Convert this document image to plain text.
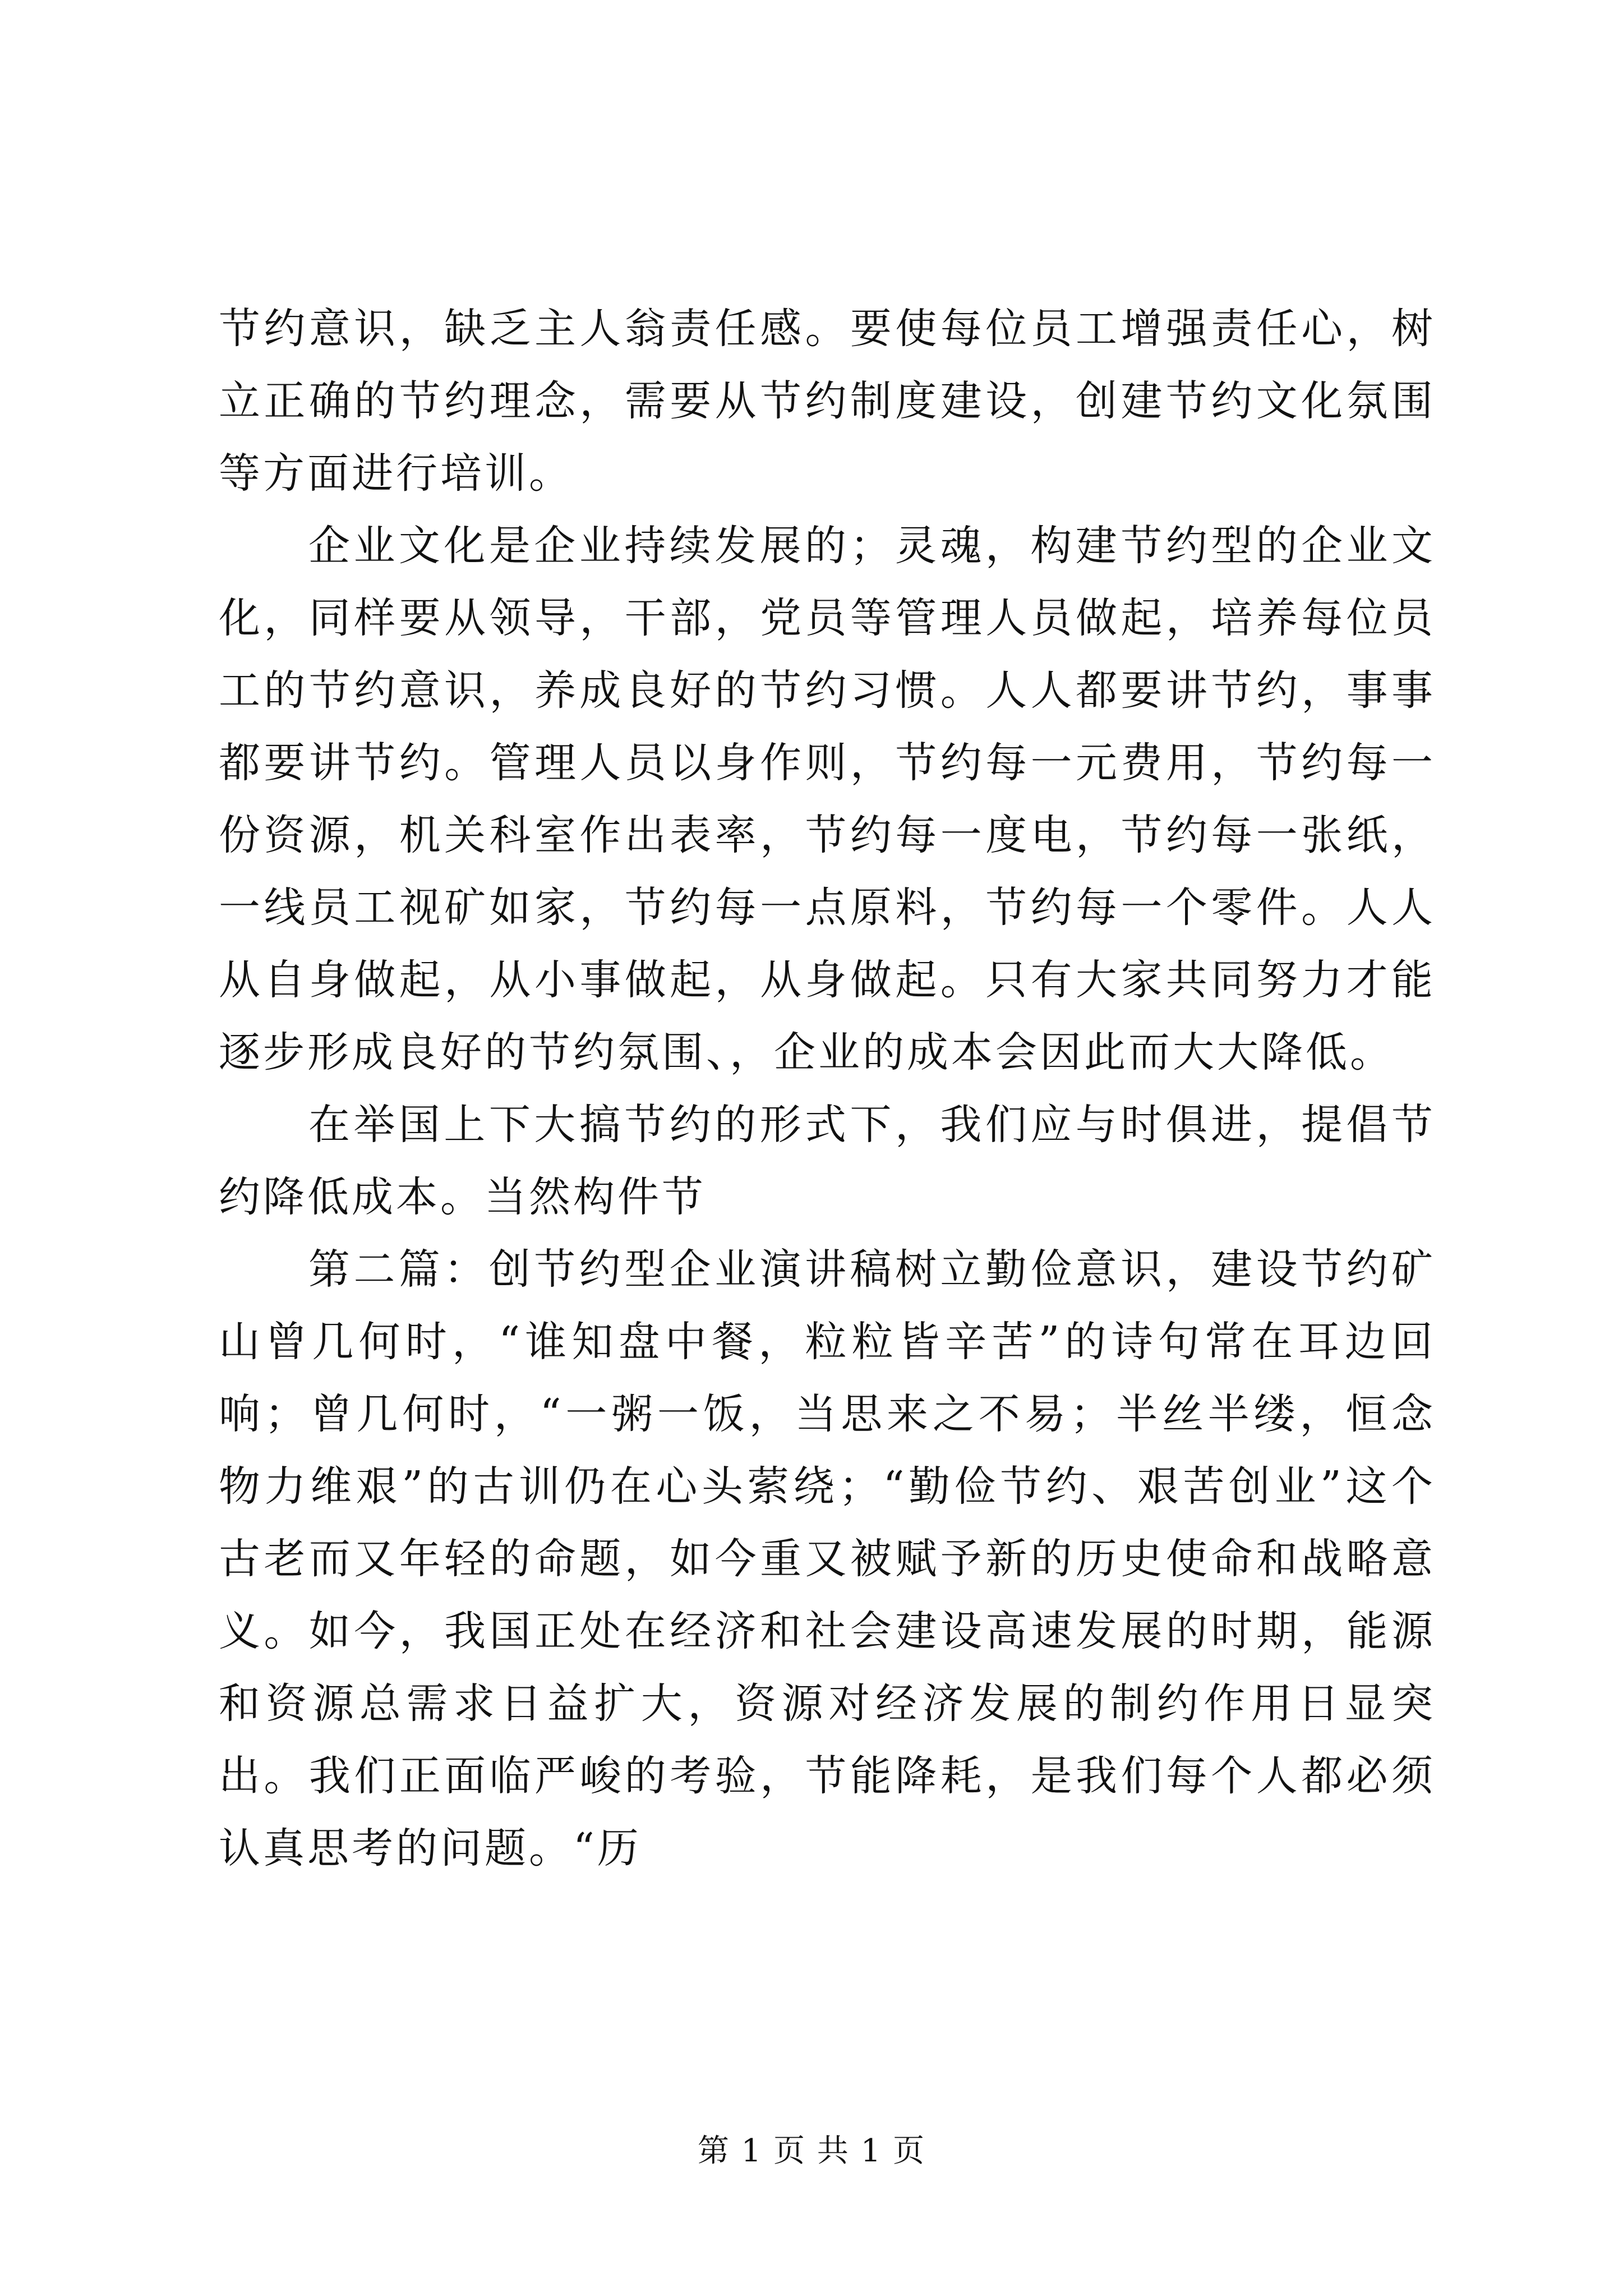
节约意识，缺乏主人翁责任感。要使每位员工增强责任心，树立正确的节约理念，需要从节约制度建设，创建节约文化氛围等方面进行培训。

企业文化是企业持续发展的；灵魂，构建节约型的企业文化，同样要从领导，干部，党员等管理人员做起，培养每位员工的节约意识，养成良好的节约习惯。人人都要讲节约，事事都要讲节约。管理人员以身作则，节约每一元费用，节约每一份资源，机关科室作出表率，节约每一度电，节约每一张纸，一线员工视矿如家，节约每一点原料，节约每一个零件。人人从自身做起，从小事做起，从身做起。只有大家共同努力才能逐步形成良好的节约氛围、，企业的成本会因此而大大降低。

在举国上下大搞节约的形式下，我们应与时俱进，提倡节约降低成本。当然构件节

第二篇：创节约型企业演讲稿树立勤俭意识，建设节约矿山曾几何时，“谁知盘中餐，粒粒皆辛苦”的诗句常在耳边回响；曾几何时，“一粥一饭，当思来之不易；半丝半缕，恒念物力维艰”的古训仍在心头萦绕；“勤俭节约、艰苦创业”这个古老而又年轻的命题，如今重又被赋予新的历史使命和战略意义。如今，我国正处在经济和社会建设高速发展的时期，能源和资源总需求日益扩大，资源对经济发展的制约作用日显突出。我们正面临严峻的考验，节能降耗，是我们每个人都必须认真思考的问题。“历

第 1 页 共 1 页
